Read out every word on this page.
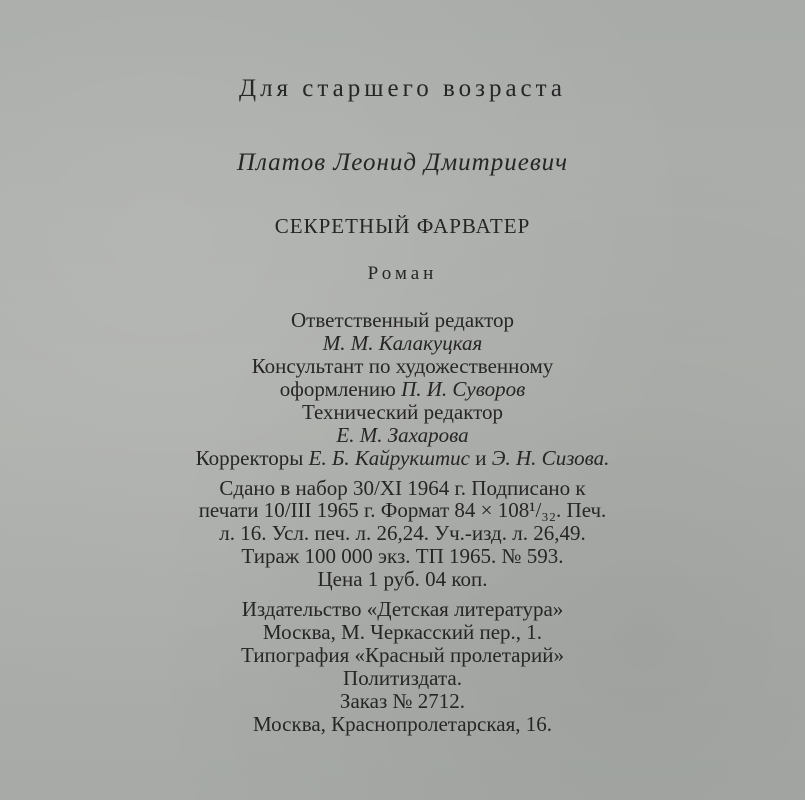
Для старшего возраста
Платов Леонид Дмитриевич
СЕКРЕТНЫЙ ФАРВАТЕР
Роман
Ответственный редактор
М. М. Калакуцкая
Консультант по художественному
оформлению П. И. Суворов
Технический редактор
Е. М. Захарова
Корректоры Е. Б. Кайрукштис и Э. Н. Сизова.
Сдано в набор 30/XI 1964 г. Подписано к
печати 10/III 1965 г. Формат 84 × 108¹/₃₂. Печ.
л. 16. Усл. печ. л. 26,24. Уч.-изд. л. 26,49.
Тираж 100 000 экз. ТП 1965. № 593.
Цена 1 руб. 04 коп.
Издательство «Детская литература»
Москва, М. Черкасский пер., 1.
Типография «Красный пролетарий»
Политиздата.
Заказ № 2712.
Москва, Краснопролетарская, 16.
